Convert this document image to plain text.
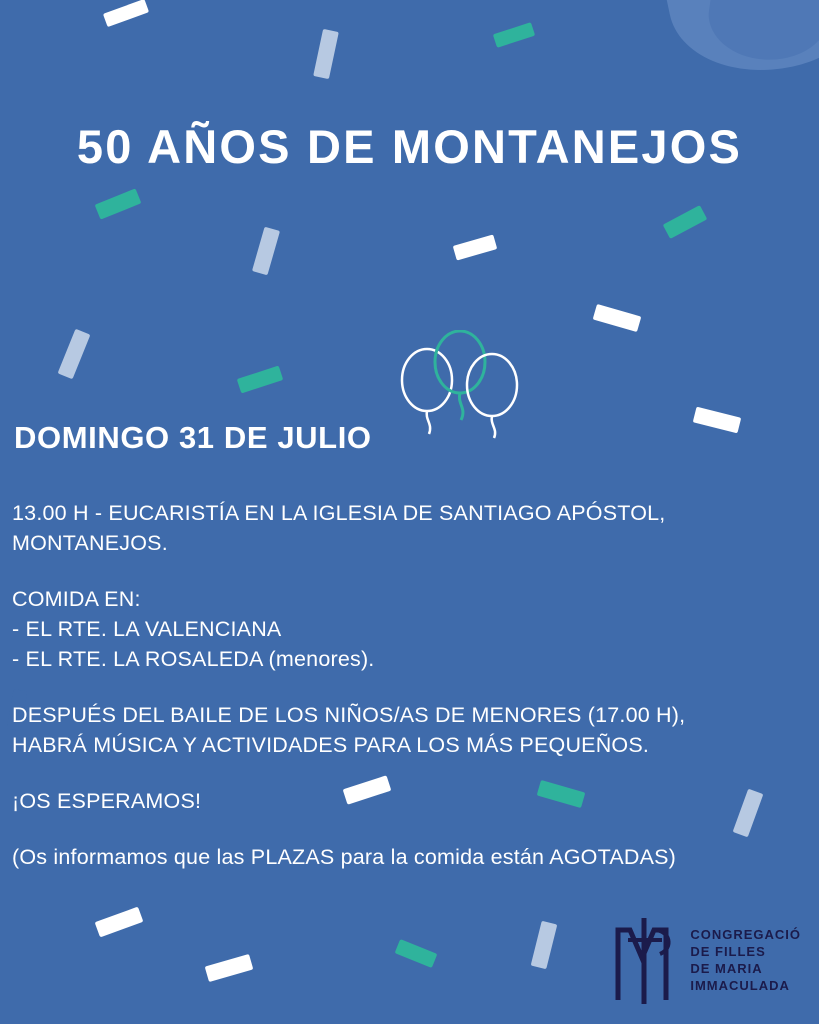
50 AÑOS DE MONTANEJOS
DOMINGO 31 DE JULIO

13.00 H - EUCARISTÍA EN LA IGLESIA DE SANTIAGO APÓSTOL, MONTANEJOS.

COMIDA EN:

- EL RTE. LA VALENCIANA

- EL RTE. LA ROSALEDA (menores).

DESPUÉS DEL BAILE DE LOS NIÑOS/AS DE MENORES (17.00 H),

HABRÁ MÚSICA Y ACTIVIDADES PARA LOS MÁS PEQUEÑOS.

¡OS ESPERAMOS!

(Os informamos que las PLAZAS para la comida están AGOTADAS)

CONGREGACIÓ
DE FILLES
DE MARIA
IMMACULADA
